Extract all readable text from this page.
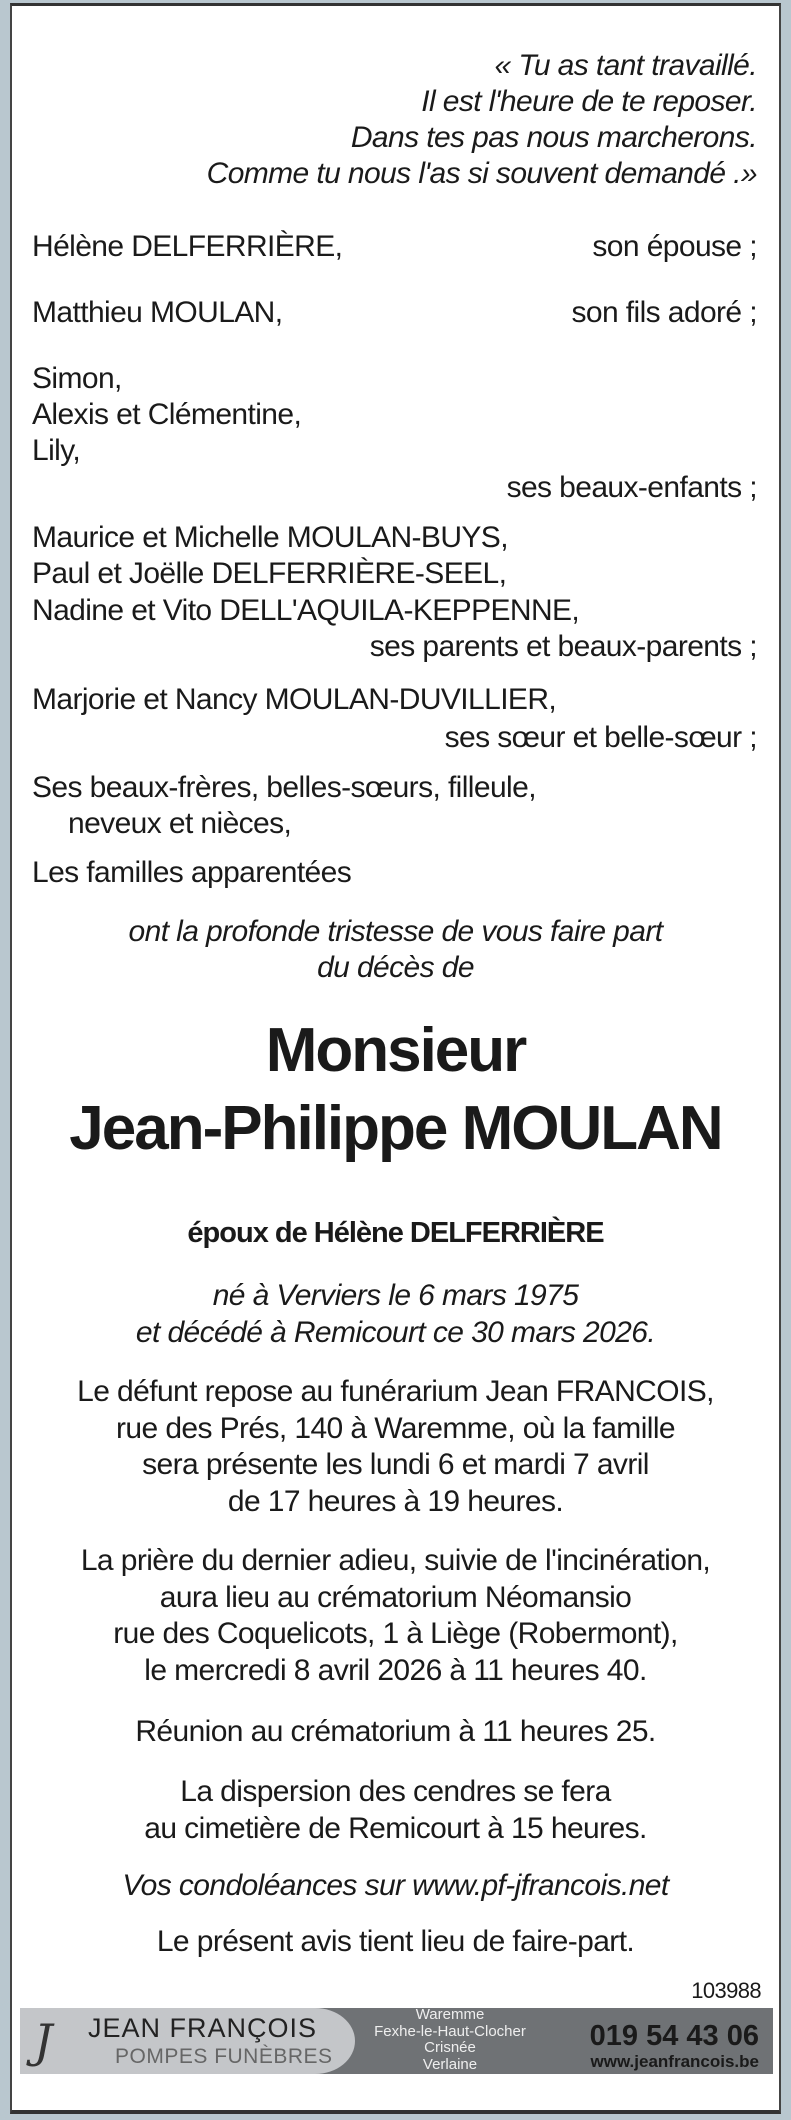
« Tu as tant travaillé.
Il est l'heure de te reposer.
Dans tes pas nous marcherons.
Comme tu nous l'as si souvent demandé .»
Hélène DELFERRIÈRE,	son épouse ;
Matthieu MOULAN,	son fils adoré ;
Simon,
Alexis et Clémentine,
Lily,
ses beaux-enfants ;
Maurice et Michelle MOULAN-BUYS,
Paul et Joëlle DELFERRIÈRE-SEEL,
Nadine et Vito DELL'AQUILA-KEPPENNE,
ses parents et beaux-parents ;
Marjorie et Nancy MOULAN-DUVILLIER,
ses sœur et belle-sœur ;
Ses beaux-frères, belles-sœurs, filleule,
neveux et nièces,
Les familles apparentées
ont la profonde tristesse de vous faire part
du décès de
Monsieur
Jean-Philippe MOULAN
époux de Hélène DELFERRIÈRE
né à Verviers le 6 mars 1975
et décédé à Remicourt ce 30 mars 2026.
Le défunt repose au funérarium Jean FRANCOIS,
rue des Prés, 140 à Waremme, où la famille
sera présente les lundi 6 et mardi 7 avril
de 17 heures à 19 heures.
La prière du dernier adieu, suivie de l'incinération,
aura lieu au crématorium Néomansio
rue des Coquelicots, 1 à Liège (Robermont),
le mercredi 8 avril 2026 à 11 heures 40.
Réunion au crématorium à 11 heures 25.
La dispersion des cendres se fera
au cimetière de Remicourt à 15 heures.
Vos condoléances sur www.pf-jfrancois.net
Le présent avis tient lieu de faire-part.
103988
J JEAN FRANÇOIS
POMPES FUNÈBRES
Waremme
Fexhe-le-Haut-Clocher
Crisnée
Verlaine
019 54 43 06
www.jeanfrancois.be
